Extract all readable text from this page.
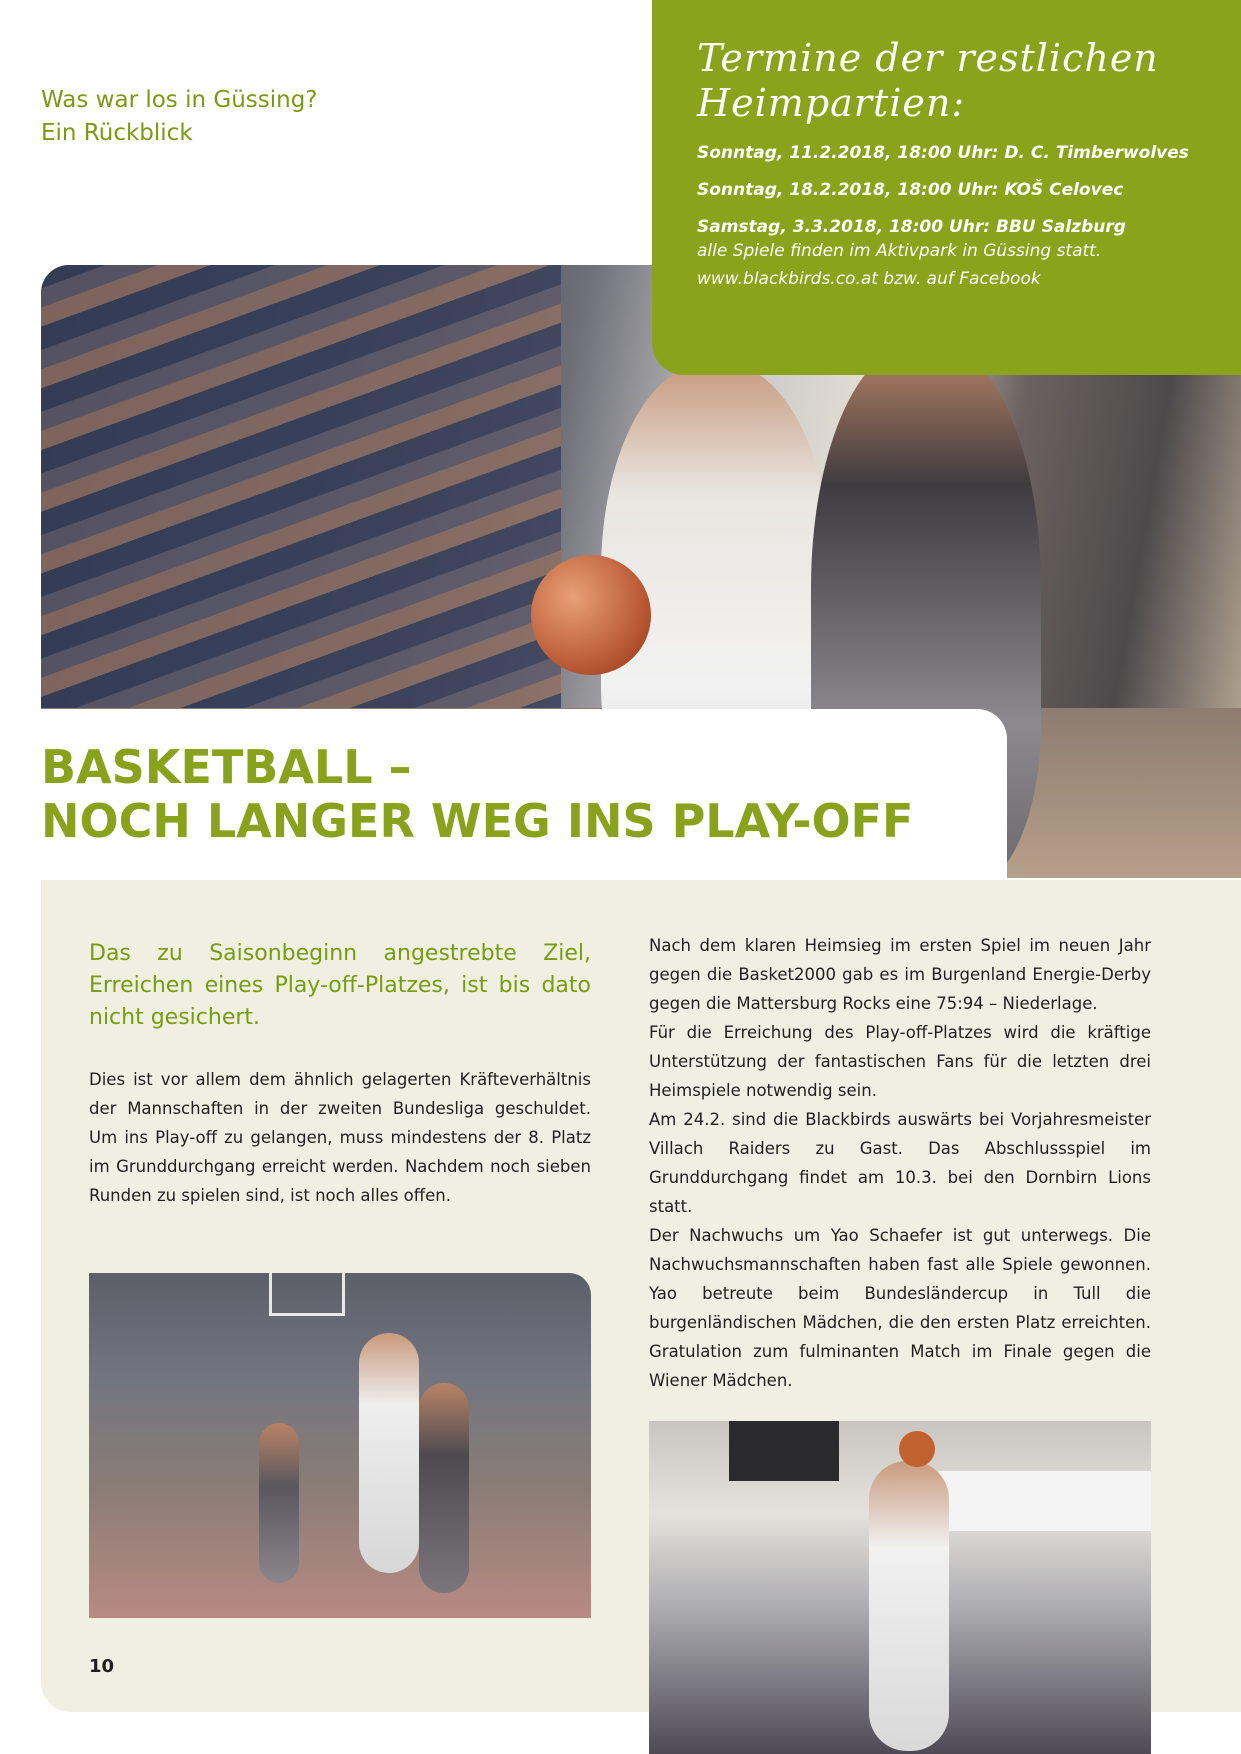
Was war los in Güssing?
Ein Rückblick
Termine der restlichen
Heimpartien:
Sonntag, 11.2.2018, 18:00 Uhr: D. C. Timberwolves
Sonntag, 18.2.2018, 18:00 Uhr: KOŠ Celovec
Samstag, 3.3.2018, 18:00 Uhr: BBU Salzburg
alle Spiele finden im Aktivpark in Güssing statt.
www.blackbirds.co.at bzw. auf Facebook
BASKETBALL –
NOCH LANGER WEG INS PLAY-OFF

Das zu Saisonbeginn angestrebte Ziel, Erreichen eines Play-off-Platzes, ist bis dato nicht gesichert.

Dies ist vor allem dem ähnlich gelagerten Kräfteverhältnis der Mannschaften in der zweiten Bundesliga geschuldet. Um ins Play-off zu gelangen, muss mindestens der 8. Platz im Grunddurchgang erreicht werden. Nachdem noch sieben Runden zu spielen sind, ist noch alles offen.

Nach dem klaren Heimsieg im ersten Spiel im neuen Jahr gegen die Basket2000 gab es im Burgenland Energie-Derby gegen die Mattersburg Rocks eine 75:94 – Niederlage.

Für die Erreichung des Play-off-Platzes wird die kräftige Unterstützung der fantastischen Fans für die letzten drei Heimspiele notwendig sein.

Am 24.2. sind die Blackbirds auswärts bei Vorjahresmeister Villach Raiders zu Gast. Das Abschlussspiel im Grunddurchgang findet am 10.3. bei den Dornbirn Lions statt.

Der Nachwuchs um Yao Schaefer ist gut unterwegs. Die Nachwuchsmannschaften haben fast alle Spiele gewonnen. Yao betreute beim Bundesländercup in Tull die burgenländischen Mädchen, die den ersten Platz erreichten. Gratulation zum fulminanten Match im Finale gegen die Wiener Mädchen.

10
